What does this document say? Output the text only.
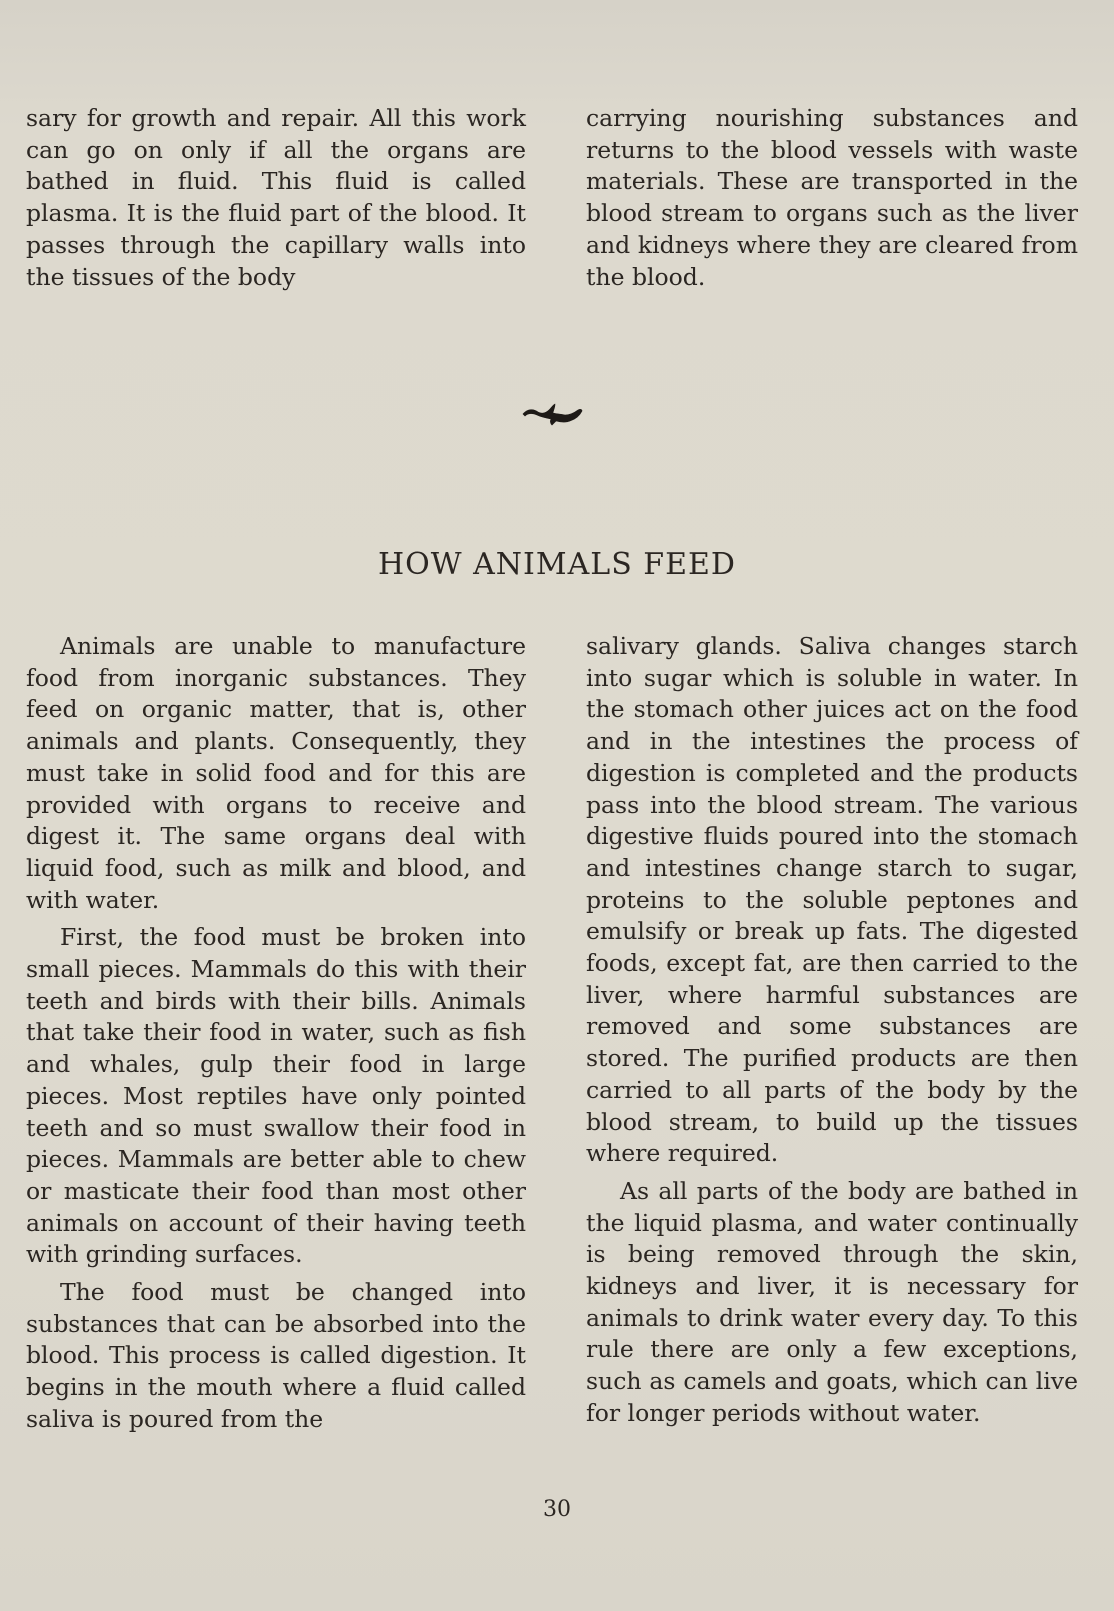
sary for growth and repair. All this work can go on only if all the organs are bathed in fluid. This fluid is called plasma. It is the fluid part of the blood. It passes through the capillary walls into the tissues of the body

carrying nourishing substances and returns to the blood vessels with waste materials. These are transported in the blood stream to organs such as the liver and kidneys where they are cleared from the blood.

HOW ANIMALS FEED

Animals are unable to manufacture food from inorganic substances. They feed on organic matter, that is, other animals and plants. Consequently, they must take in solid food and for this are provided with organs to receive and digest it. The same organs deal with liquid food, such as milk and blood, and with water.

First, the food must be broken into small pieces. Mammals do this with their teeth and birds with their bills. Animals that take their food in water, such as fish and whales, gulp their food in large pieces. Most reptiles have only pointed teeth and so must swallow their food in pieces. Mammals are better able to chew or masticate their food than most other animals on account of their having teeth with grinding surfaces.

The food must be changed into substances that can be absorbed into the blood. This process is called digestion. It begins in the mouth where a fluid called saliva is poured from the

salivary glands. Saliva changes starch into sugar which is soluble in water. In the stomach other juices act on the food and in the intestines the process of digestion is completed and the products pass into the blood stream. The various digestive fluids poured into the stomach and intestines change starch to sugar, proteins to the soluble peptones and emulsify or break up fats. The digested foods, except fat, are then carried to the liver, where harmful substances are removed and some substances are stored. The purified products are then carried to all parts of the body by the blood stream, to build up the tissues where required.

As all parts of the body are bathed in the liquid plasma, and water continually is being removed through the skin, kidneys and liver, it is necessary for animals to drink water every day. To this rule there are only a few exceptions, such as camels and goats, which can live for longer periods without water.

30
